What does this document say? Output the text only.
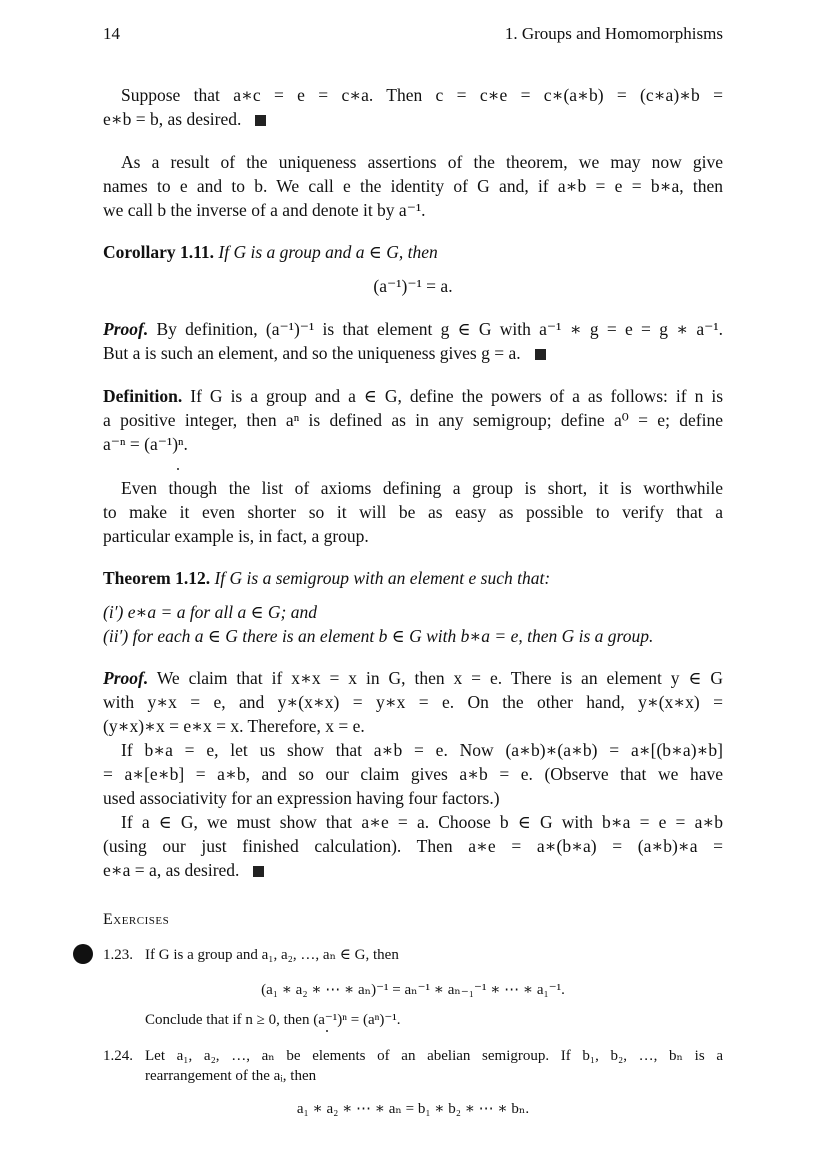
14	1. Groups and Homomorphisms
Suppose that a∗c = e = c∗a. Then c = c∗e = c∗(a∗b) = (c∗a)∗b =
e∗b = b, as desired.
As a result of the uniqueness assertions of the theorem, we may now give
names to e and to b. We call e the identity of G and, if a∗b = e = b∗a, then
we call b the inverse of a and denote it by a⁻¹.
Corollary 1.11. If G is a group and a ∈ G, then
(a⁻¹)⁻¹ = a.
Proof. By definition, (a⁻¹)⁻¹ is that element g ∈ G with a⁻¹ ∗ g = e = g ∗ a⁻¹.
But a is such an element, and so the uniqueness gives g = a.
Definition. If G is a group and a ∈ G, define the powers of a as follows: if n is
a positive integer, then aⁿ is defined as in any semigroup; define a⁰ = e; define
a⁻ⁿ = (a⁻¹)ⁿ.
Even though the list of axioms defining a group is short, it is worthwhile
to make it even shorter so it will be as easy as possible to verify that a
particular example is, in fact, a group.
Theorem 1.12. If G is a semigroup with an element e such that:
(i′) e∗a = a for all a ∈ G; and
(ii′) for each a ∈ G there is an element b ∈ G with b∗a = e, then G is a group.
Proof. We claim that if x∗x = x in G, then x = e. There is an element y ∈ G
with y∗x = e, and y∗(x∗x) = y∗x = e. On the other hand, y∗(x∗x) =
(y∗x)∗x = e∗x = x. Therefore, x = e.
If b∗a = e, let us show that a∗b = e. Now (a∗b)∗(a∗b) = a∗[(b∗a)∗b]
= a∗[e∗b] = a∗b, and so our claim gives a∗b = e. (Observe that we have
used associativity for an expression having four factors.)
If a ∈ G, we must show that a∗e = a. Choose b ∈ G with b∗a = e = a∗b
(using our just finished calculation). Then a∗e = a∗(b∗a) = (a∗b)∗a =
e∗a = a, as desired.
Exercises
1.23. If G is a group and a₁, a₂, …, aₙ ∈ G, then
(a₁ ∗ a₂ ∗ ⋯ ∗ aₙ)⁻¹ = aₙ⁻¹ ∗ aₙ₋₁⁻¹ ∗ ⋯ ∗ a₁⁻¹.
Conclude that if n ≥ 0, then (a⁻¹)ⁿ = (aⁿ)⁻¹.
1.24. Let a₁, a₂, …, aₙ be elements of an abelian semigroup. If b₁, b₂, …, bₙ is a
rearrangement of the aᵢ, then
a₁ ∗ a₂ ∗ ⋯ ∗ aₙ = b₁ ∗ b₂ ∗ ⋯ ∗ bₙ.
